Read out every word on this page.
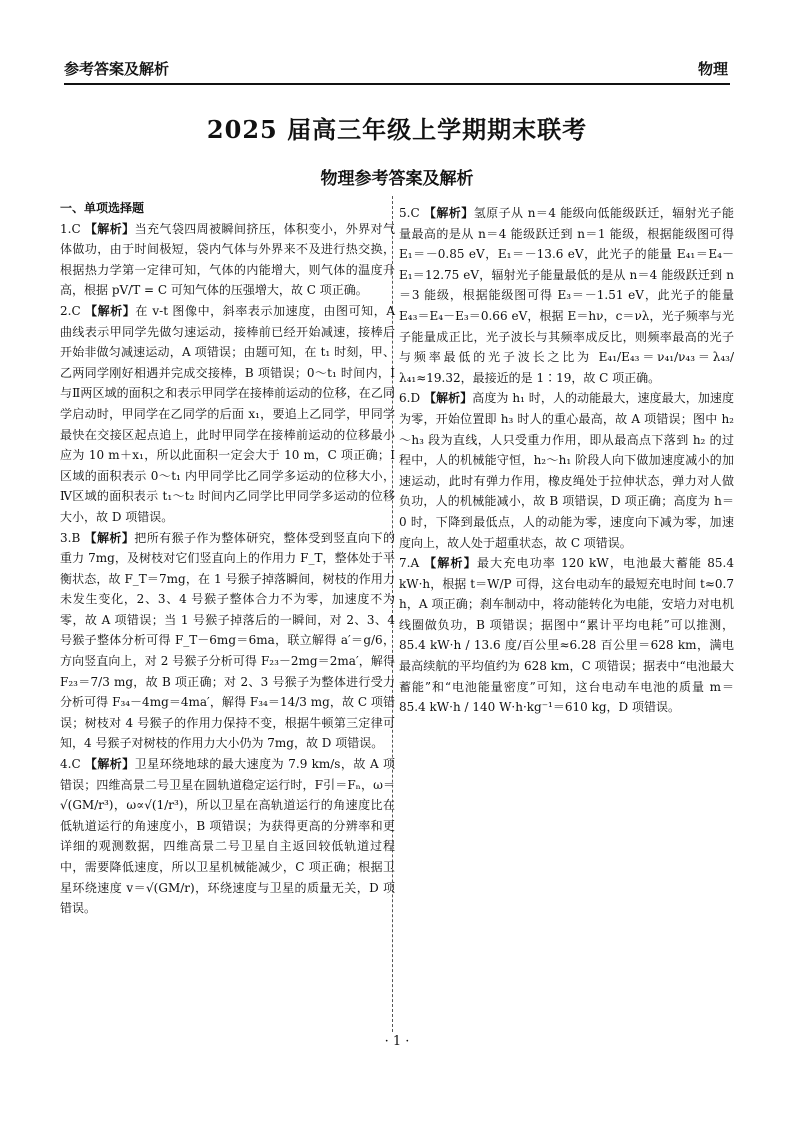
参考答案及解析	物理
2025 届高三年级上学期期末联考
物理参考答案及解析
一、单项选择题
1.C 【解析】当充气袋四周被瞬间挤压，体积变小，外界对气体做功，由于时间极短，袋内气体与外界来不及进行热交换，根据热力学第一定律可知，气体的内能增大，则气体的温度升高，根据 pV/T = C 可知气体的压强增大，故 C 项正确。
2.C 【解析】在 v-t 图像中，斜率表示加速度，由图可知，A 曲线表示甲同学先做匀速运动，接棒前已经开始减速，接棒后开始非做匀减速运动，A 项错误；由题可知，在 t₁ 时刻，甲、乙两同学刚好相遇并完成交接棒，B 项错误；0～t₁ 时间内，Ⅰ与Ⅱ两区域的面积之和表示甲同学在接棒前运动的位移，在乙同学启动时，甲同学在乙同学的后面 x₁，要追上乙同学，甲同学最快在交接区起点追上，此时甲同学在接棒前运动的位移最小应为 10 m＋x₁，所以此面积一定会大于 10 m，C 项正确；Ⅰ区域的面积表示 0～t₁ 内甲同学比乙同学多运动的位移大小，Ⅳ区域的面积表示 t₁～t₂ 时间内乙同学比甲同学多运动的位移大小，故 D 项错误。
3.B 【解析】把所有猴子作为整体研究，整体受到竖直向下的重力 7mg，及树枝对它们竖直向上的作用力 F_T，整体处于平衡状态，故 F_T＝7mg，在 1 号猴子掉落瞬间，树枝的作用力未发生变化，2、3、4 号猴子整体合力不为零，加速度不为零，故 A 项错误；当 1 号猴子掉落后的一瞬间，对 2、3、4 号猴子整体分析可得 F_T－6mg＝6ma，联立解得 a′＝g/6，方向竖直向上，对 2 号猴子分析可得 F₂₃－2mg＝2ma′，解得 F₂₃＝7/3 mg，故 B 项正确；对 2、3 号猴子为整体进行受力分析可得 F₃₄－4mg＝4ma′，解得 F₃₄＝14/3 mg，故 C 项错误；树枝对 4 号猴子的作用力保持不变，根据牛顿第三定律可知，4 号猴子对树枝的作用力大小仍为 7mg，故 D 项错误。
4.C 【解析】卫星环绕地球的最大速度为 7.9 km/s，故 A 项错误；四维高景二号卫星在圆轨道稳定运行时，F引＝Fₙ，ω＝√(GM/r³)，ω∝√(1/r³)，所以卫星在高轨道运行的角速度比在低轨道运行的角速度小，B 项错误；为获得更高的分辨率和更详细的观测数据，四维高景二号卫星自主返回较低轨道过程中，需要降低速度，所以卫星机械能减少，C 项正确；根据卫星环绕速度 v＝√(GM/r)，环绕速度与卫星的质量无关，D 项错误。
5.C 【解析】氢原子从 n＝4 能级向低能级跃迁，辐射光子能量最高的是从 n＝4 能级跃迁到 n＝1 能级，根据能级图可得 E₁＝－0.85 eV，E₁＝－13.6 eV，此光子的能量 E₄₁＝E₄－E₁＝12.75 eV，辐射光子能量最低的是从 n＝4 能级跃迁到 n＝3 能级，根据能级图可得 E₃＝－1.51 eV，此光子的能量 E₄₃＝E₄－E₃＝0.66 eV，根据 E＝hν，c＝νλ，光子频率与光子能量成正比，光子波长与其频率成反比，则频率最高的光子与频率最低的光子波长之比为 E₄₁/E₄₃＝ν₄₁/ν₄₃＝λ₄₃/λ₄₁≈19.32，最接近的是 1∶19，故 C 项正确。
6.D 【解析】高度为 h₁ 时，人的动能最大，速度最大，加速度为零，开始位置即 h₃ 时人的重心最高，故 A 项错误；图中 h₂～h₃ 段为直线，人只受重力作用，即从最高点下落到 h₂ 的过程中，人的机械能守恒，h₂～h₁ 阶段人向下做加速度减小的加速运动，此时有弹力作用，橡皮绳处于拉伸状态，弹力对人做负功，人的机械能减小，故 B 项错误，D 项正确；高度为 h＝0 时，下降到最低点，人的动能为零，速度向下减为零，加速度向上，故人处于超重状态，故 C 项错误。
7.A 【解析】最大充电功率 120 kW，电池最大蓄能 85.4 kW·h，根据 t＝W/P 可得，这台电动车的最短充电时间 t≈0.7 h，A 项正确；刹车制动中，将动能转化为电能，安培力对电机线圈做负功，B 项错误；据图中“累计平均电耗”可以推测，85.4 kW·h / 13.6 度/百公里≈6.28 百公里＝628 km，满电最高续航的平均值约为 628 km，C 项错误；据表中“电池最大蓄能”和“电池能量密度”可知，这台电动车电池的质量 m＝85.4 kW·h / 140 W·h·kg⁻¹＝610 kg，D 项错误。
· 1 ·
